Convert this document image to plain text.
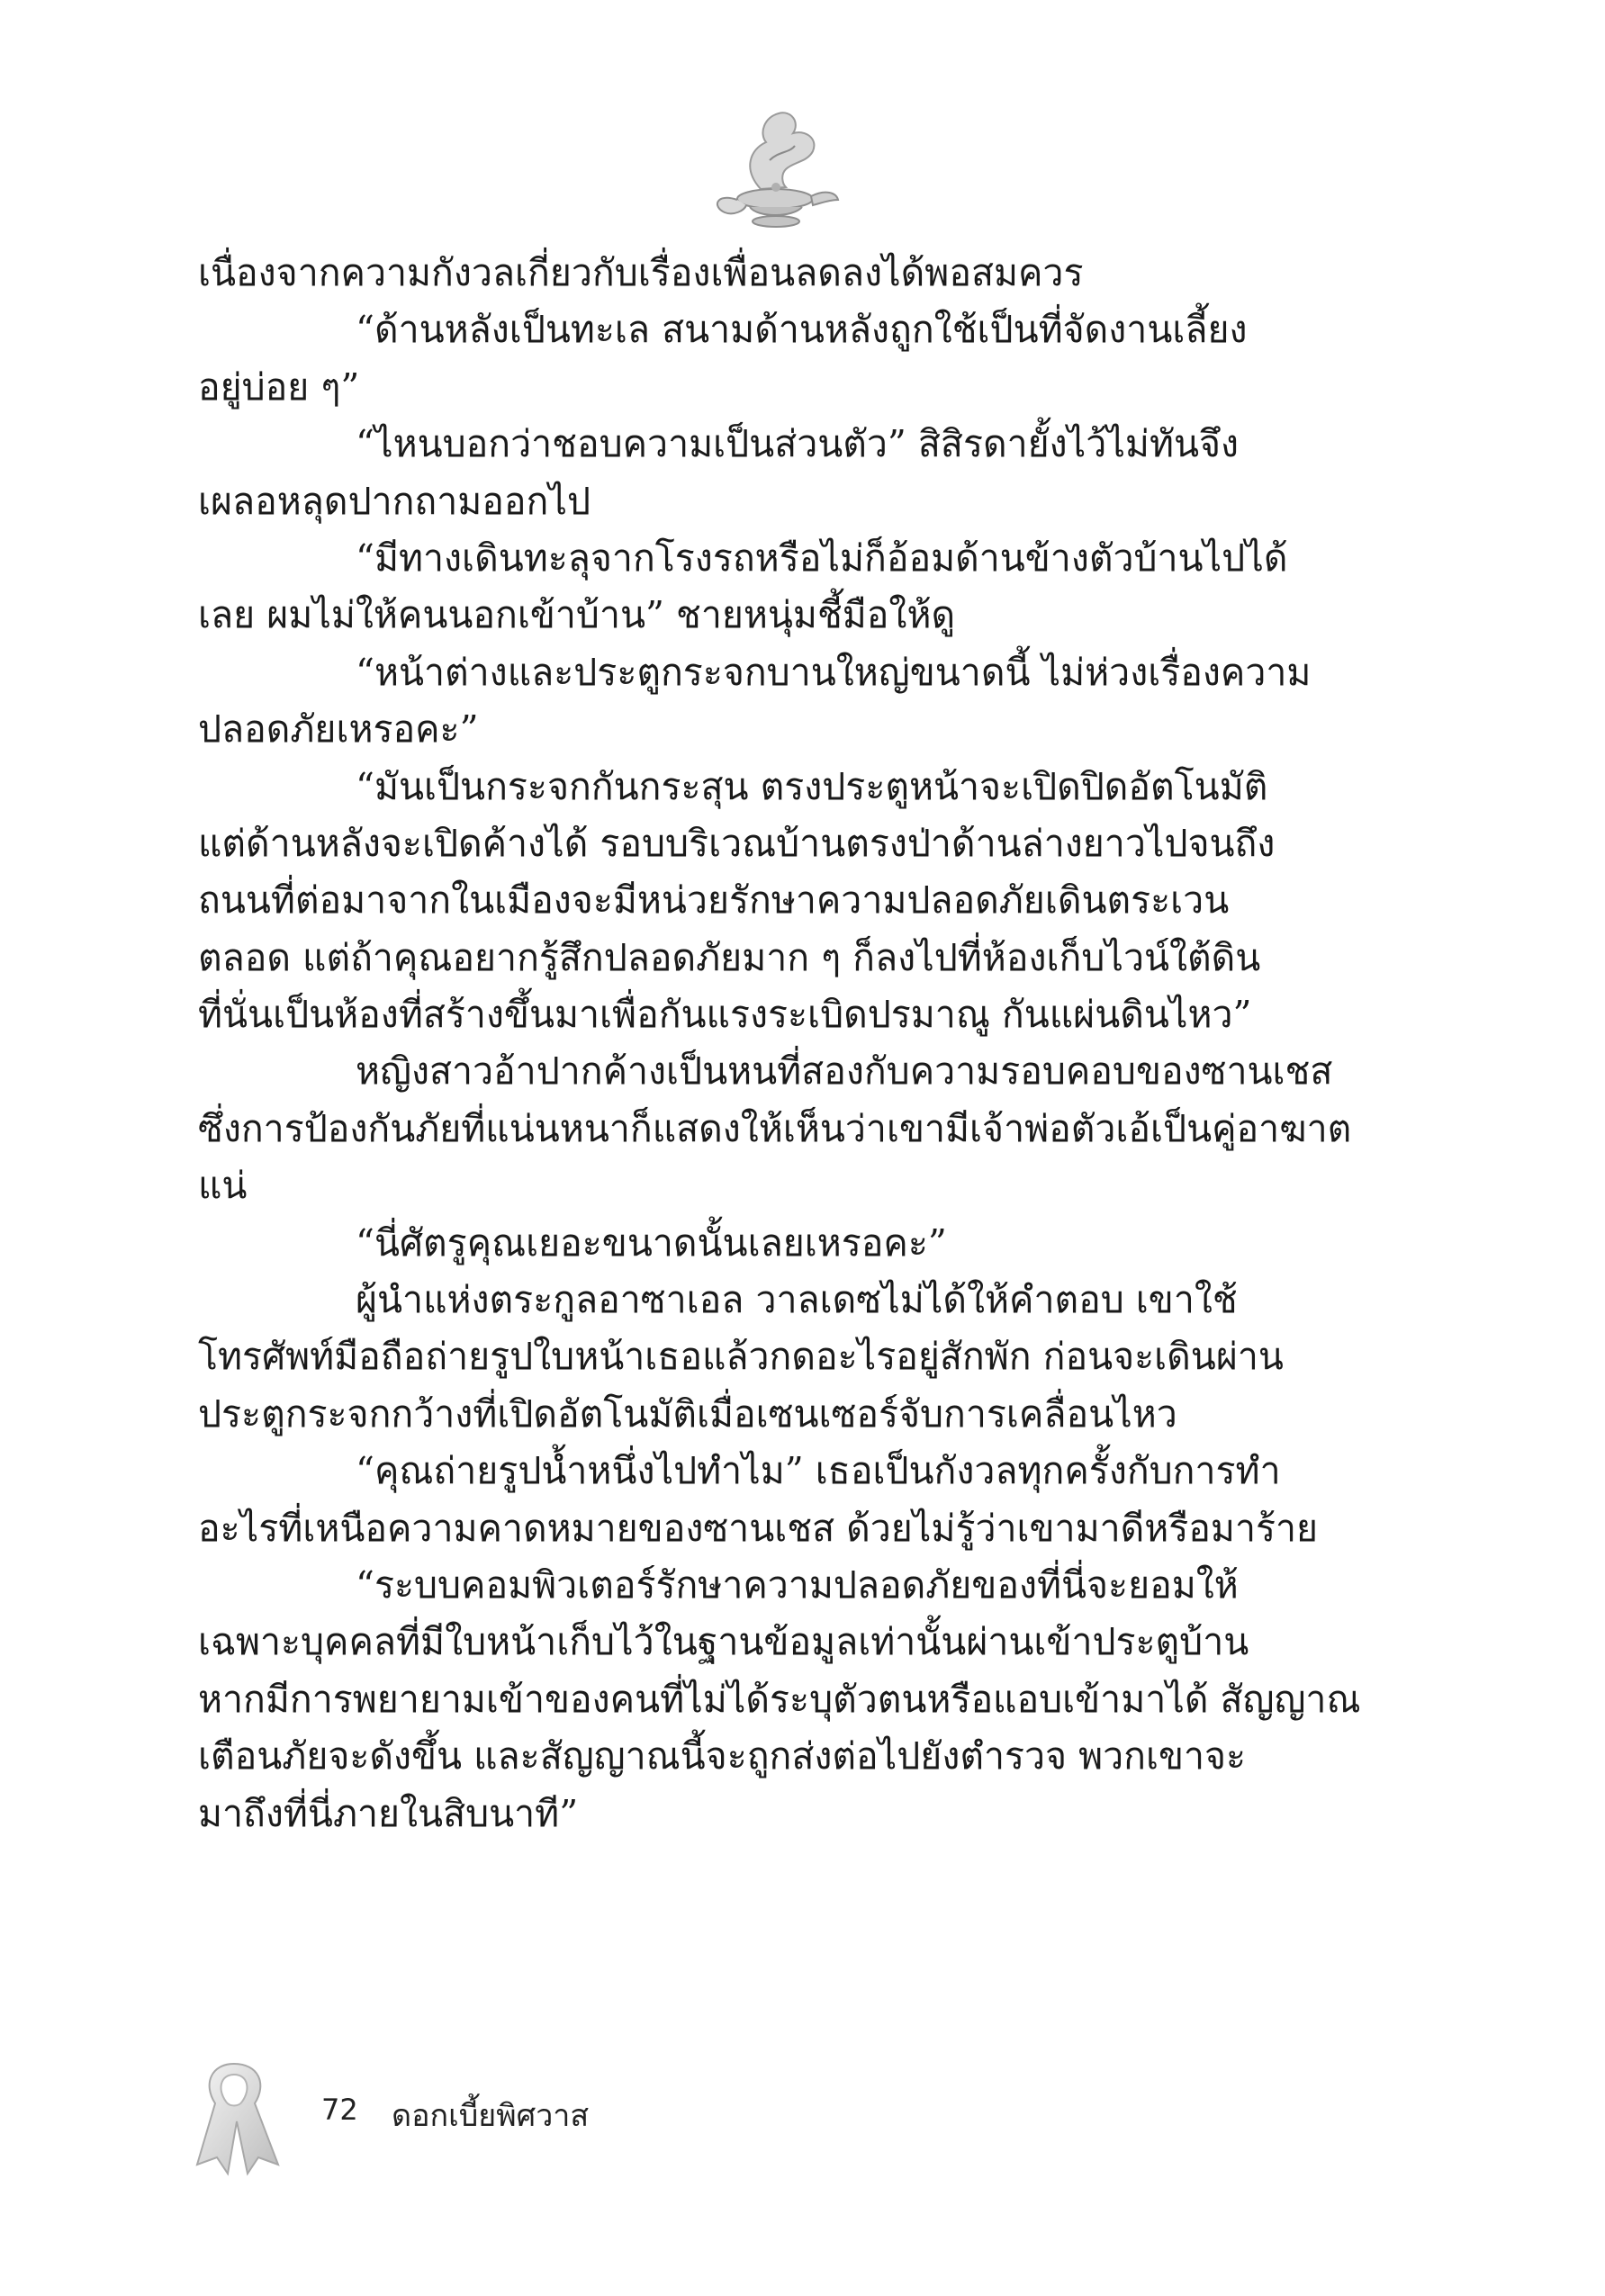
เนื่องจากความกังวลเกี่ยวกับเรื่องเพื่อนลดลงได้พอสมควร
“ด้านหลังเป็นทะเล สนามด้านหลังถูกใช้เป็นที่จัดงานเลี้ยง
อยู่บ่อย ๆ”
“ไหนบอกว่าชอบความเป็นส่วนตัว” สิสิรดายั้งไว้ไม่ทันจึง
เผลอหลุดปากถามออกไป
“มีทางเดินทะลุจากโรงรถหรือไม่ก็อ้อมด้านข้างตัวบ้านไปได้
เลย ผมไม่ให้คนนอกเข้าบ้าน” ชายหนุ่มชี้มือให้ดู
“หน้าต่างและประตูกระจกบานใหญ่ขนาดนี้ ไม่ห่วงเรื่องความ
ปลอดภัยเหรอคะ”
“มันเป็นกระจกกันกระสุน ตรงประตูหน้าจะเปิดปิดอัตโนมัติ
แต่ด้านหลังจะเปิดค้างได้ รอบบริเวณบ้านตรงป่าด้านล่างยาวไปจนถึง
ถนนที่ต่อมาจากในเมืองจะมีหน่วยรักษาความปลอดภัยเดินตระเวน
ตลอด แต่ถ้าคุณอยากรู้สึกปลอดภัยมาก ๆ ก็ลงไปที่ห้องเก็บไวน์ใต้ดิน
ที่นั่นเป็นห้องที่สร้างขึ้นมาเพื่อกันแรงระเบิดปรมาณู กันแผ่นดินไหว”
หญิงสาวอ้าปากค้างเป็นหนที่สองกับความรอบคอบของซานเชส
ซึ่งการป้องกันภัยที่แน่นหนาก็แสดงให้เห็นว่าเขามีเจ้าพ่อตัวเอ้เป็นคู่อาฆาต
แน่
“นี่ศัตรูคุณเยอะขนาดนั้นเลยเหรอคะ”
ผู้นำแห่งตระกูลอาซาเอล วาลเดซไม่ได้ให้คำตอบ เขาใช้
โทรศัพท์มือถือถ่ายรูปใบหน้าเธอแล้วกดอะไรอยู่สักพัก ก่อนจะเดินผ่าน
ประตูกระจกกว้างที่เปิดอัตโนมัติเมื่อเซนเซอร์จับการเคลื่อนไหว
“คุณถ่ายรูปน้ำหนึ่งไปทำไม” เธอเป็นกังวลทุกครั้งกับการทำ
อะไรที่เหนือความคาดหมายของซานเชส ด้วยไม่รู้ว่าเขามาดีหรือมาร้าย
“ระบบคอมพิวเตอร์รักษาความปลอดภัยของที่นี่จะยอมให้
เฉพาะบุคคลที่มีใบหน้าเก็บไว้ในฐานข้อมูลเท่านั้นผ่านเข้าประตูบ้าน
หากมีการพยายามเข้าของคนที่ไม่ได้ระบุตัวตนหรือแอบเข้ามาได้ สัญญาณ
เตือนภัยจะดังขึ้น และสัญญาณนี้จะถูกส่งต่อไปยังตำรวจ พวกเขาจะ
มาถึงที่นี่ภายในสิบนาที”
72 ดอกเบี้ยพิศวาส
